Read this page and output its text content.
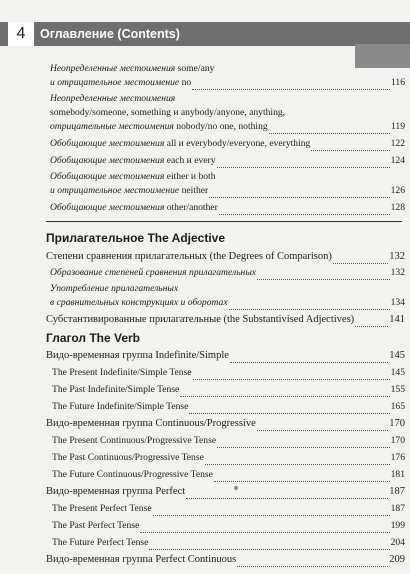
4	Оглавление (Contents)
Неопределенные местоимения some/any
и отрицательное местоимение no	116
Неопределенные местоимения
somebody/someone, something и anybody/anyone, anything,
отрицательные местоимения nobody/no one, nothing	119
Обобщающие местоимения all и everybody/everyone, everything	122
Обобщающие местоимения each и every	124
Обобщающие местоимения either и both
и отрицательное местоимение neither	126
Обобщающие местоимения other/another	128
Прилагательное The Adjective
Степени сравнения прилагательных (the Degrees of Comparison)	132
Образование степеней сравнения прилагательных	132
Употребление прилагательных
в сравнительных конструкциях и оборотах	134
Субстантивированные прилагательные (the Substantivised Adjectives)	141
Глагол The Verb
Видо-временная группа Indefinite/Simple	145
The Present Indefinite/Simple Tense	145
The Past Indefinite/Simple Tense	155
The Future Indefinite/Simple Tense	165
Видо-временная группа Continuous/Progressive	170
The Present Continuous/Progressive Tense	170
The Past Continuous/Progressive Tense	176
The Future Continuous/Progressive Tense	181
Видо-временная группа Perfect	187
The Present Perfect Tense	187
The Past Perfect Tense	199
The Future Perfect Tense	204
Видо-временная группа Perfect Continuous	209
